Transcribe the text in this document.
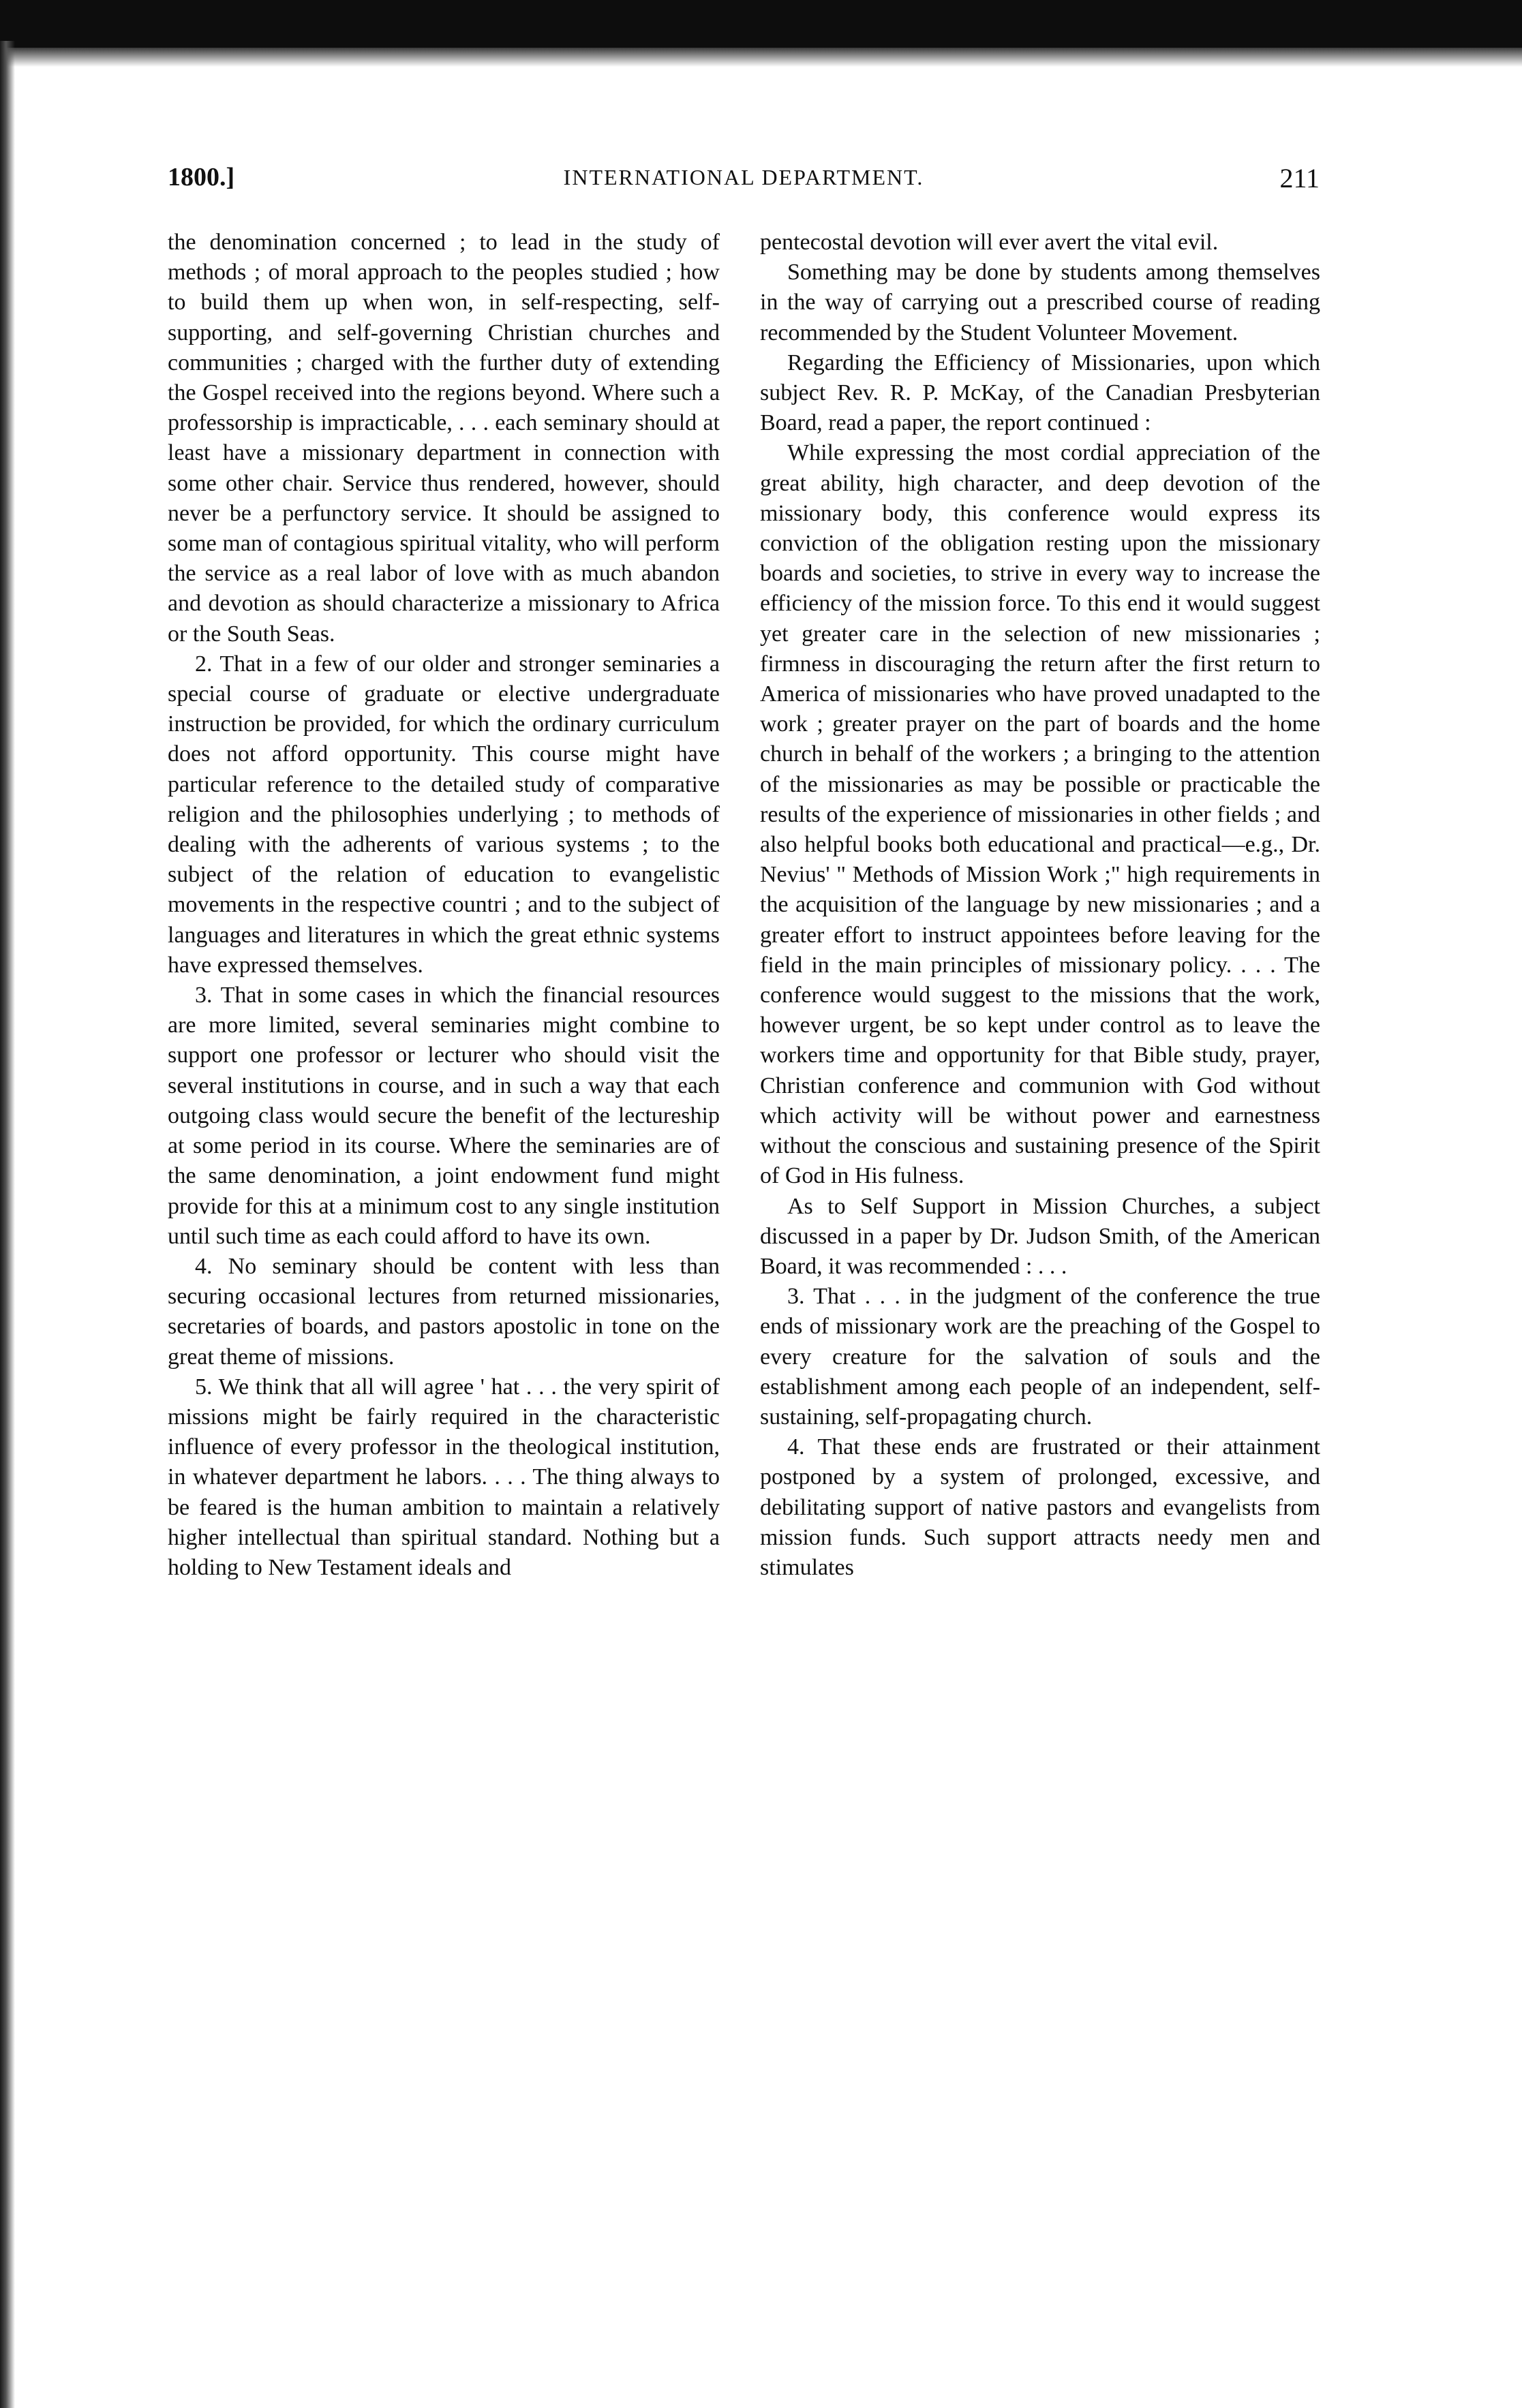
1800.]	INTERNATIONAL DEPARTMENT.	211

the denomination concerned ; to lead in the study of methods ; of moral approach to the peoples studied ; how to build them up when won, in self-respecting, self-supporting, and self-governing Christian churches and communities ; charged with the further duty of extending the Gospel received into the regions beyond. Where such a professorship is impracticable, . . . each seminary should at least have a missionary department in connection with some other chair. Service thus rendered, however, should never be a perfunctory service. It should be assigned to some man of contagious spiritual vitality, who will perform the service as a real labor of love with as much abandon and devotion as should characterize a missionary to Africa or the South Seas.

2. That in a few of our older and stronger seminaries a special course of graduate or elective undergraduate instruction be provided, for which the ordinary curriculum does not afford opportunity. This course might have particular reference to the detailed study of comparative religion and the philosophies underlying ; to methods of dealing with the adherents of various systems ; to the subject of the relation of education to evangelistic movements in the respective countri ; and to the subject of languages and literatures in which the great ethnic systems have expressed themselves.

3. That in some cases in which the financial resources are more limited, several seminaries might combine to support one professor or lecturer who should visit the several institutions in course, and in such a way that each outgoing class would secure the benefit of the lectureship at some period in its course. Where the seminaries are of the same denomination, a joint endowment fund might provide for this at a minimum cost to any single institution until such time as each could afford to have its own.

4. No seminary should be content with less than securing occasional lectures from returned missionaries, secretaries of boards, and pastors apostolic in tone on the great theme of missions.

5. We think that all will agree ' hat . . . the very spirit of missions might be fairly required in the characteristic influence of every professor in the theological institution, in whatever department he labors. . . . The thing always to be feared is the human ambition to maintain a relatively higher intellectual than spiritual standard. Nothing but a holding to New Testament ideals and

pentecostal devotion will ever avert the vital evil.

Something may be done by students among themselves in the way of carrying out a prescribed course of reading recommended by the Student Volunteer Movement.

Regarding the Efficiency of Missionaries, upon which subject Rev. R. P. McKay, of the Canadian Presbyterian Board, read a paper, the report continued :

While expressing the most cordial appreciation of the great ability, high character, and deep devotion of the missionary body, this conference would express its conviction of the obligation resting upon the missionary boards and societies, to strive in every way to increase the efficiency of the mission force. To this end it would suggest yet greater care in the selection of new missionaries ; firmness in discouraging the return after the first return to America of missionaries who have proved unadapted to the work ; greater prayer on the part of boards and the home church in behalf of the workers ; a bringing to the attention of the missionaries as may be possible or practicable the results of the experience of missionaries in other fields ; and also helpful books both educational and practical—e.g., Dr. Nevius' " Methods of Mission Work ;" high requirements in the acquisition of the language by new missionaries ; and a greater effort to instruct appointees before leaving for the field in the main principles of missionary policy. . . . The conference would suggest to the missions that the work, however urgent, be so kept under control as to leave the workers time and opportunity for that Bible study, prayer, Christian conference and communion with God without which activity will be without power and earnestness without the conscious and sustaining presence of the Spirit of God in His fulness.

As to Self Support in Mission Churches, a subject discussed in a paper by Dr. Judson Smith, of the American Board, it was recommended : . . .

3. That . . . in the judgment of the conference the true ends of missionary work are the preaching of the Gospel to every creature for the salvation of souls and the establishment among each people of an independent, self-sustaining, self-propagating church.

4. That these ends are frustrated or their attainment postponed by a system of prolonged, excessive, and debilitating support of native pastors and evangelists from mission funds. Such support attracts needy men and stimulates
